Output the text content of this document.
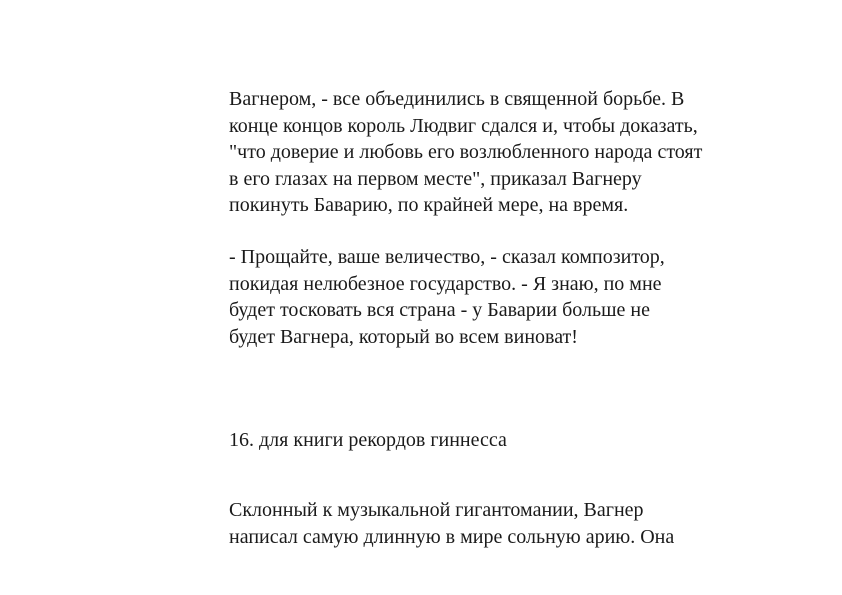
Вагнером, - все объединились в священной борьбе. В
конце концов король Людвиг сдался и, чтобы доказать,
"что доверие и любовь его возлюбленного народа стоят
в его глазах на первом месте", приказал Вагнеру
покинуть Баварию, по крайней мере, на время.
- Прощайте, ваше величество, - сказал композитор,
покидая нелюбезное государство. - Я знаю, по мне
будет тосковать вся страна - у Баварии больше не
будет Вагнера, который во всем виноват!
16. для книги рекордов гиннесса
Склонный к музыкальной гигантомании, Вагнер
написал самую длинную в мире сольную арию. Она
